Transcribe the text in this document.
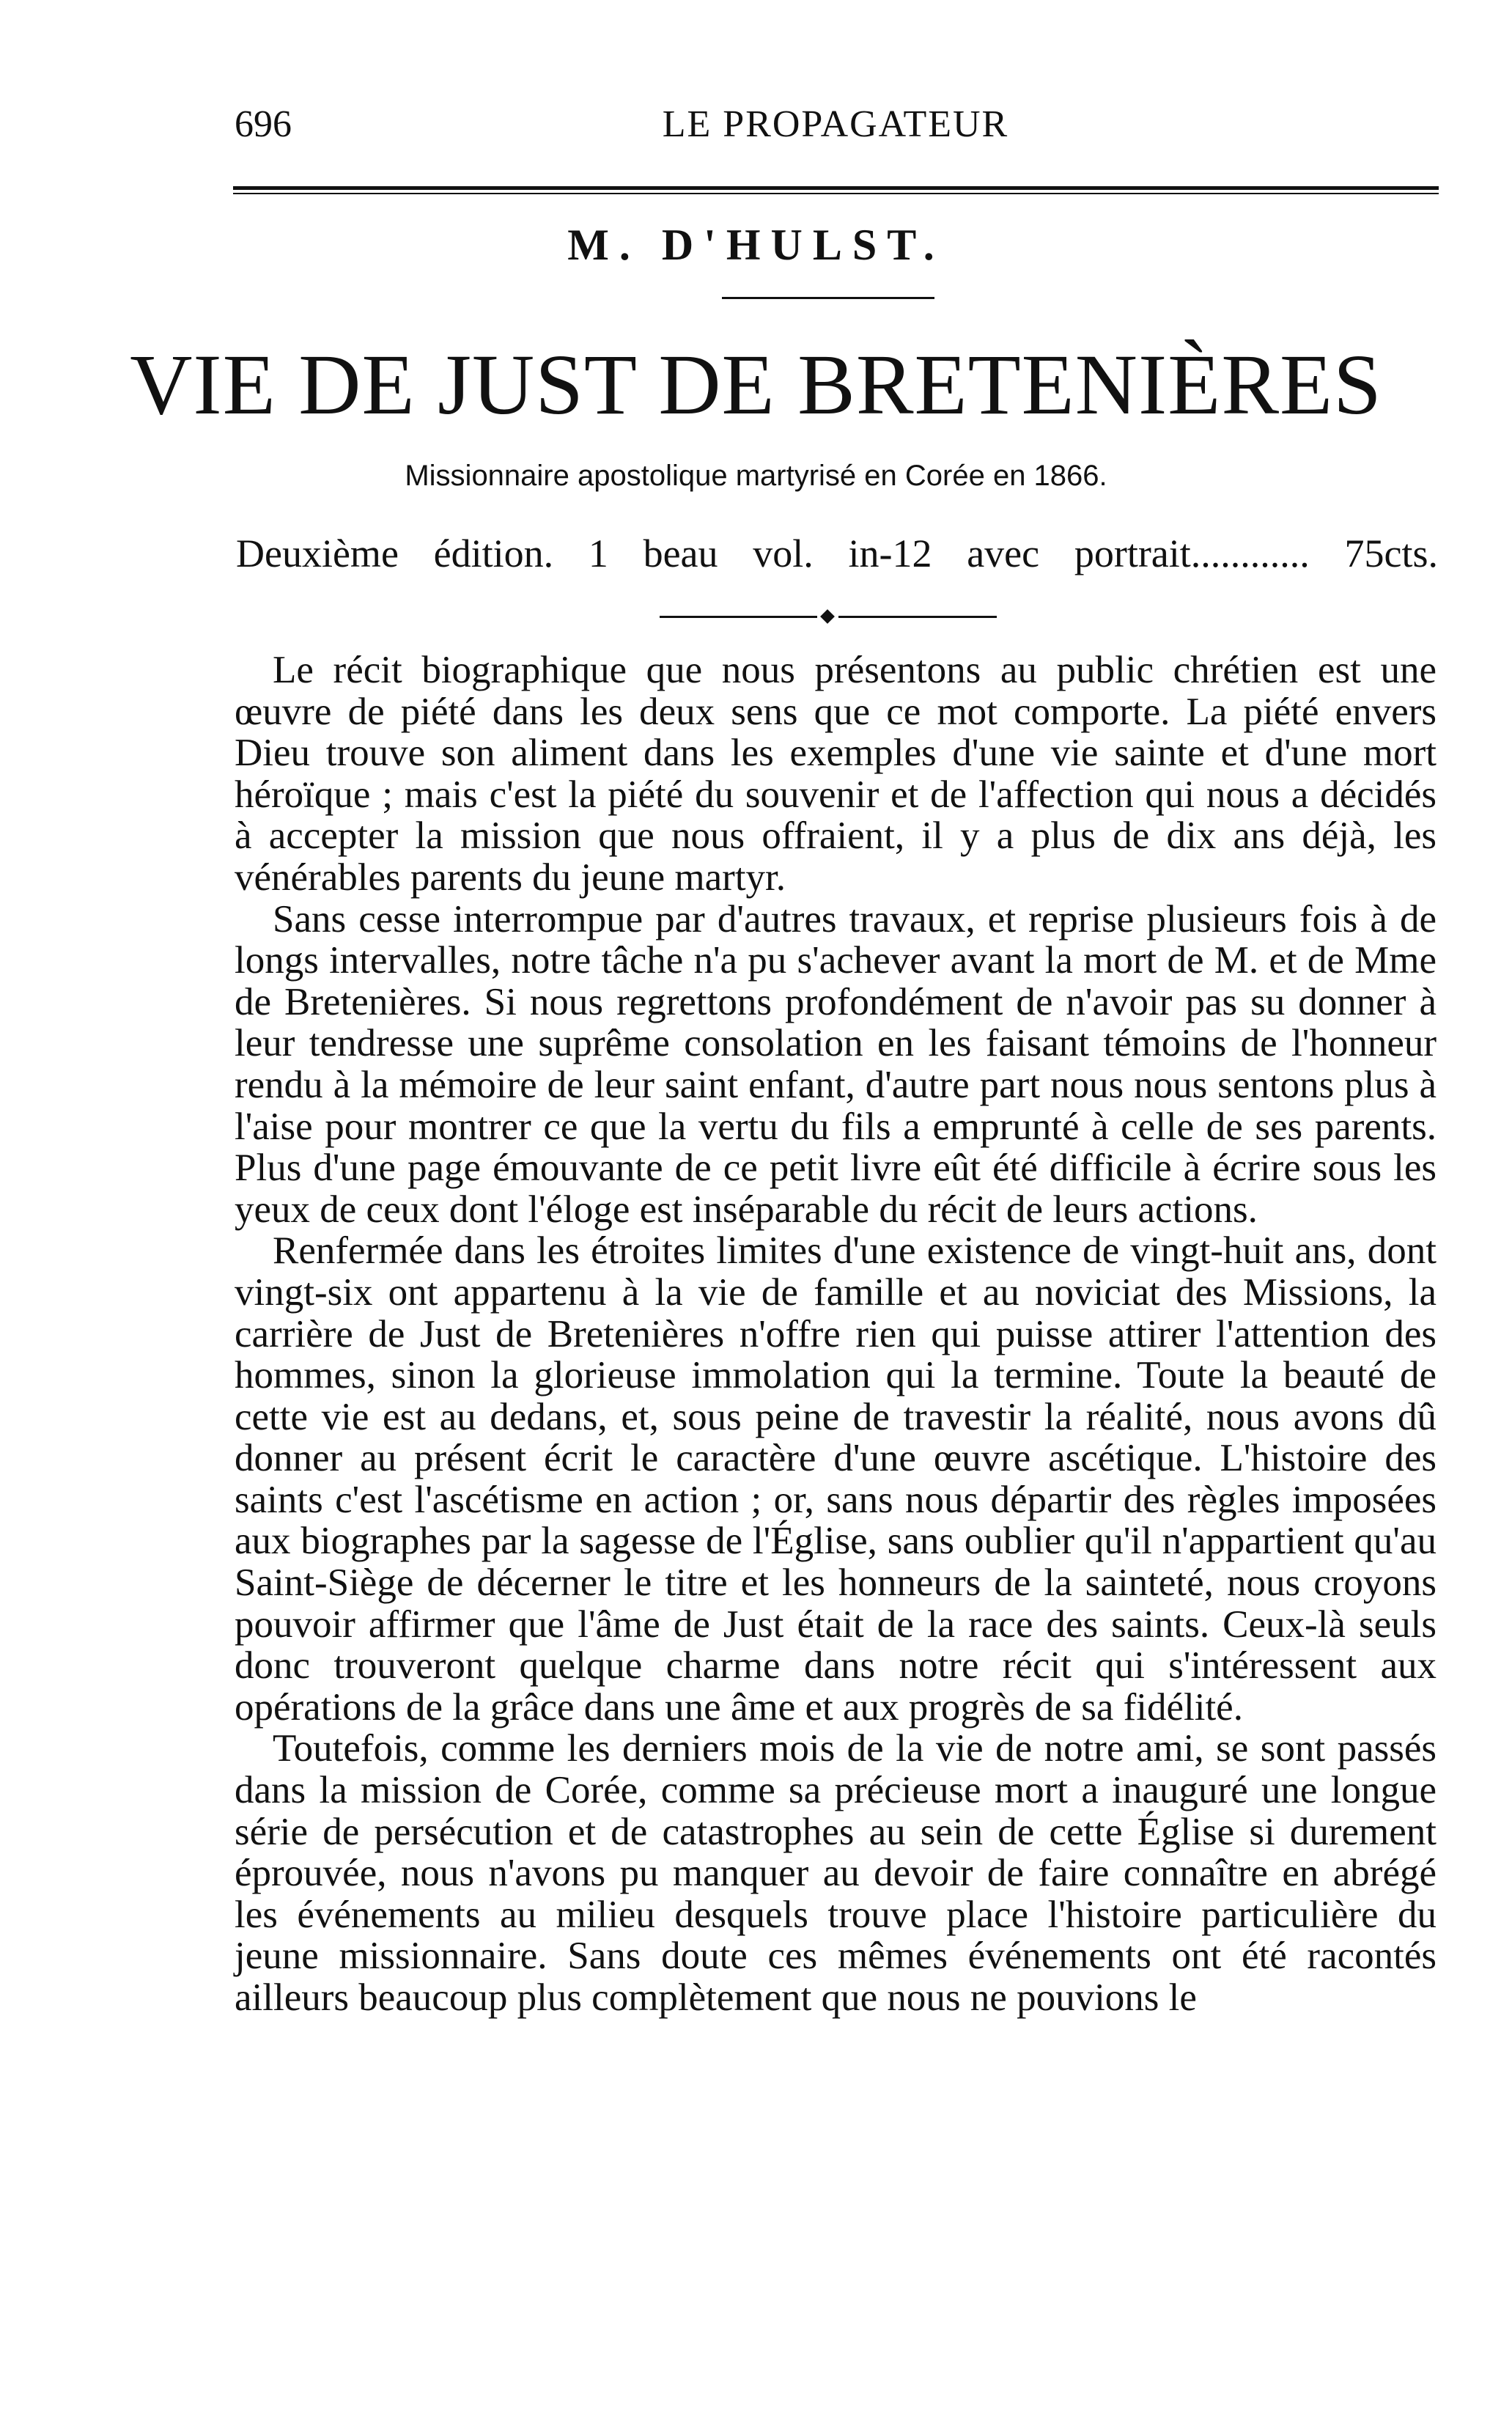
696	LE PROPAGATEUR
M. D'HULST.
VIE DE JUST DE BRETENIÈRES
Missionnaire apostolique martyrisé en Corée en 1866.
Deuxième édition. 1 beau vol. in-12 avec portrait............ 75cts.

Le récit biographique que nous présentons au public chrétien est une œuvre de piété dans les deux sens que ce mot comporte. La piété envers Dieu trouve son aliment dans les exemples d'une vie sainte et d'une mort héroïque ; mais c'est la piété du souvenir et de l'affection qui nous a décidés à accepter la mission que nous offraient, il y a plus de dix ans déjà, les vénérables parents du jeune martyr.

Sans cesse interrompue par d'autres travaux, et reprise plusieurs fois à de longs intervalles, notre tâche n'a pu s'achever avant la mort de M. et de Mme de Bretenières. Si nous regrettons profondément de n'avoir pas su donner à leur tendresse une suprême consolation en les faisant témoins de l'honneur rendu à la mémoire de leur saint enfant, d'autre part nous nous sentons plus à l'aise pour montrer ce que la vertu du fils a emprunté à celle de ses parents. Plus d'une page émouvante de ce petit livre eût été difficile à écrire sous les yeux de ceux dont l'éloge est inséparable du récit de leurs actions.

Renfermée dans les étroites limites d'une existence de vingt-huit ans, dont vingt-six ont appartenu à la vie de famille et au noviciat des Missions, la carrière de Just de Bretenières n'offre rien qui puisse attirer l'attention des hommes, sinon la glorieuse immolation qui la termine. Toute la beauté de cette vie est au dedans, et, sous peine de travestir la réalité, nous avons dû donner au présent écrit le caractère d'une œuvre ascétique. L'histoire des saints c'est l'ascétisme en action ; or, sans nous départir des règles imposées aux biographes par la sagesse de l'Église, sans oublier qu'il n'appartient qu'au Saint-Siège de décerner le titre et les honneurs de la sainteté, nous croyons pouvoir affirmer que l'âme de Just était de la race des saints. Ceux-là seuls donc trouveront quelque charme dans notre récit qui s'intéressent aux opérations de la grâce dans une âme et aux progrès de sa fidélité.

Toutefois, comme les derniers mois de la vie de notre ami, se sont passés dans la mission de Corée, comme sa précieuse mort a inauguré une longue série de persécution et de catastrophes au sein de cette Église si durement éprouvée, nous n'avons pu manquer au devoir de faire connaître en abrégé les événements au milieu desquels trouve place l'histoire particulière du jeune missionnaire. Sans doute ces mêmes événements ont été racontés ailleurs beaucoup plus complètement que nous ne pouvions le
